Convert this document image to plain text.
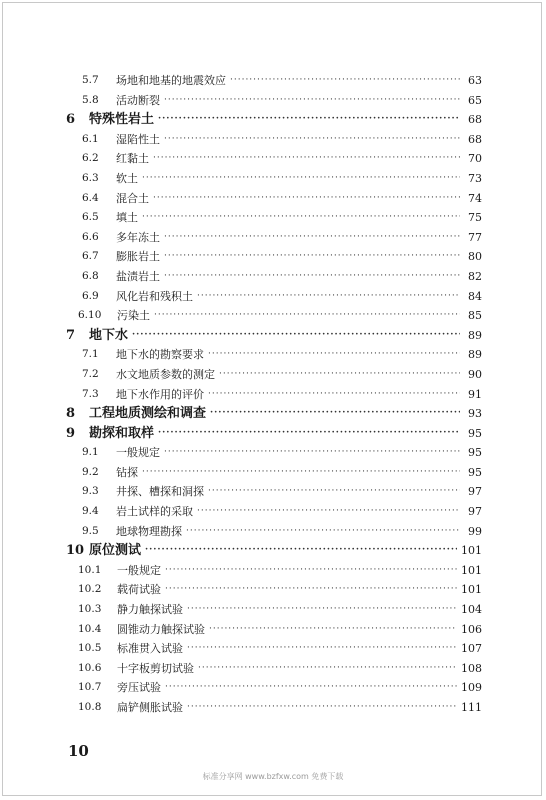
5.7	场地和地基的地震效应 ·····	63
5.8	活动断裂 ·····	65
6	特殊性岩土 ·····	68
6.1	湿陷性土 ·····	68
6.2	红黏土 ·····	70
6.3	软土 ·····	73
6.4	混合土 ·····	74
6.5	填土 ·····	75
6.6	多年冻土 ·····	77
6.7	膨胀岩土 ·····	80
6.8	盐渍岩土 ·····	82
6.9	风化岩和残积土 ·····	84
6.10	污染土 ·····	85
7	地下水 ·····	89
7.1	地下水的勘察要求 ·····	89
7.2	水文地质参数的测定 ·····	90
7.3	地下水作用的评价 ·····	91
8	工程地质测绘和调查 ·····	93
9	勘探和取样 ·····	95
9.1	一般规定 ·····	95
9.2	钻探 ·····	95
9.3	井探、槽探和洞探 ·····	97
9.4	岩土试样的采取 ·····	97
9.5	地球物理勘探 ·····	99
10 原位测试 ·····	101
10.1	一般规定 ·····	101
10.2	载荷试验 ·····	101
10.3	静力触探试验 ·····	104
10.4	圆锥动力触探试验 ·····	106
10.5	标准贯入试验 ·····	107
10.6	十字板剪切试验 ·····	108
10.7	旁压试验 ·····	109
10.8	扁铲侧胀试验 ·····	111
10
标准分享网 www.bzfxw.com 免费下载
